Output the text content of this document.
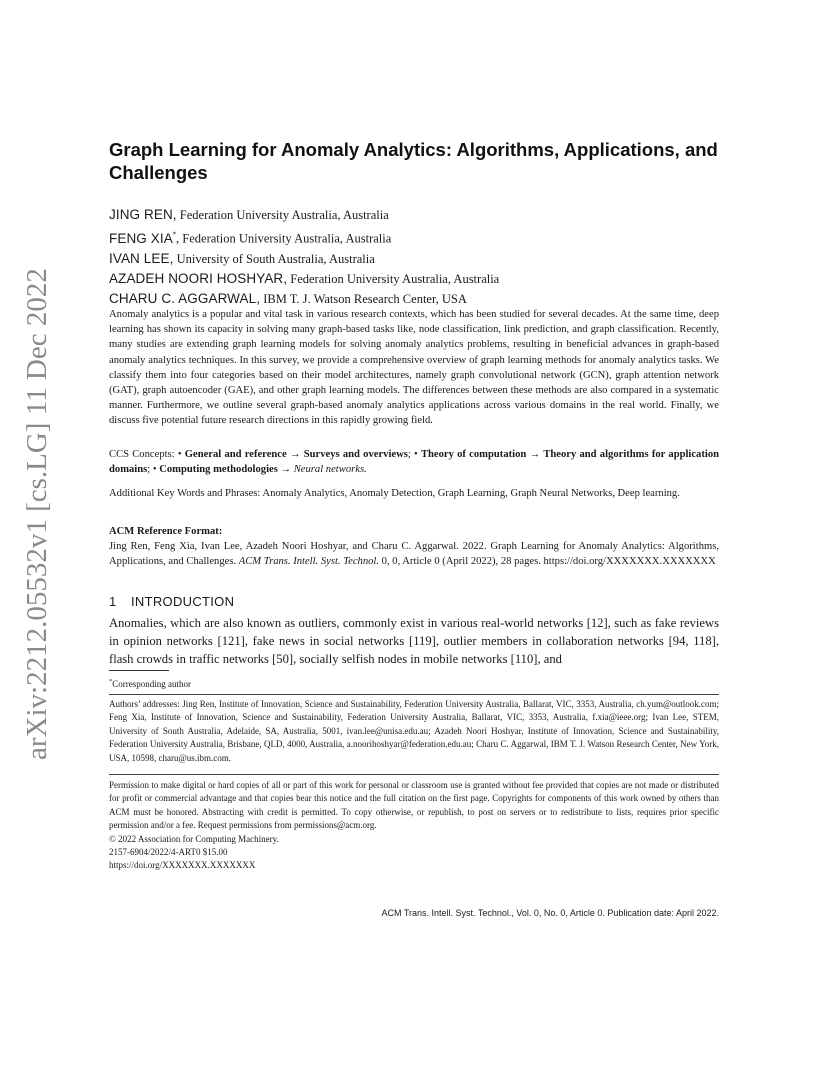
arXiv:2212.05532v1 [cs.LG] 11 Dec 2022
Graph Learning for Anomaly Analytics: Algorithms, Applications, and Challenges
JING REN, Federation University Australia, Australia
FENG XIA*, Federation University Australia, Australia
IVAN LEE, University of South Australia, Australia
AZADEH NOORI HOSHYAR, Federation University Australia, Australia
CHARU C. AGGARWAL, IBM T. J. Watson Research Center, USA
Anomaly analytics is a popular and vital task in various research contexts, which has been studied for several decades. At the same time, deep learning has shown its capacity in solving many graph-based tasks like, node classification, link prediction, and graph classification. Recently, many studies are extending graph learning models for solving anomaly analytics problems, resulting in beneficial advances in graph-based anomaly analytics techniques. In this survey, we provide a comprehensive overview of graph learning methods for anomaly analytics tasks. We classify them into four categories based on their model architectures, namely graph convolutional network (GCN), graph attention network (GAT), graph autoencoder (GAE), and other graph learning models. The differences between these methods are also compared in a systematic manner. Furthermore, we outline several graph-based anomaly analytics applications across various domains in the real world. Finally, we discuss five potential future research directions in this rapidly growing field.
CCS Concepts: • General and reference → Surveys and overviews; • Theory of computation → Theory and algorithms for application domains; • Computing methodologies → Neural networks.
Additional Key Words and Phrases: Anomaly Analytics, Anomaly Detection, Graph Learning, Graph Neural Networks, Deep learning.
ACM Reference Format:
Jing Ren, Feng Xia, Ivan Lee, Azadeh Noori Hoshyar, and Charu C. Aggarwal. 2022. Graph Learning for Anomaly Analytics: Algorithms, Applications, and Challenges. ACM Trans. Intell. Syst. Technol. 0, 0, Article 0 (April 2022), 28 pages. https://doi.org/XXXXXXX.XXXXXXX
1 INTRODUCTION
Anomalies, which are also known as outliers, commonly exist in various real-world networks [12], such as fake reviews in opinion networks [121], fake news in social networks [119], outlier members in collaboration networks [94, 118], flash crowds in traffic networks [50], socially selfish nodes in mobile networks [110], and
*Corresponding author
Authors’ addresses: Jing Ren, Institute of Innovation, Science and Sustainability, Federation University Australia, Ballarat, VIC, 3353, Australia, ch.yum@outlook.com; Feng Xia, Institute of Innovation, Science and Sustainability, Federation University Australia, Ballarat, VIC, 3353, Australia, f.xia@ieee.org; Ivan Lee, STEM, University of South Australia, Adelaide, SA, Australia, 5001, ivan.lee@unisa.edu.au; Azadeh Noori Hoshyar, Institute of Innovation, Science and Sustainability, Federation University Australia, Brisbane, QLD, 4000, Australia, a.noorihoshyar@federation.edu.au; Charu C. Aggarwal, IBM T. J. Watson Research Center, New York, USA, 10598, charu@us.ibm.com.
Permission to make digital or hard copies of all or part of this work for personal or classroom use is granted without fee provided that copies are not made or distributed for profit or commercial advantage and that copies bear this notice and the full citation on the first page. Copyrights for components of this work owned by others than ACM must be honored. Abstracting with credit is permitted. To copy otherwise, or republish, to post on servers or to redistribute to lists, requires prior specific permission and/or a fee. Request permissions from permissions@acm.org.
© 2022 Association for Computing Machinery.
2157-6904/2022/4-ART0 $15.00
https://doi.org/XXXXXXX.XXXXXXX
ACM Trans. Intell. Syst. Technol., Vol. 0, No. 0, Article 0. Publication date: April 2022.
